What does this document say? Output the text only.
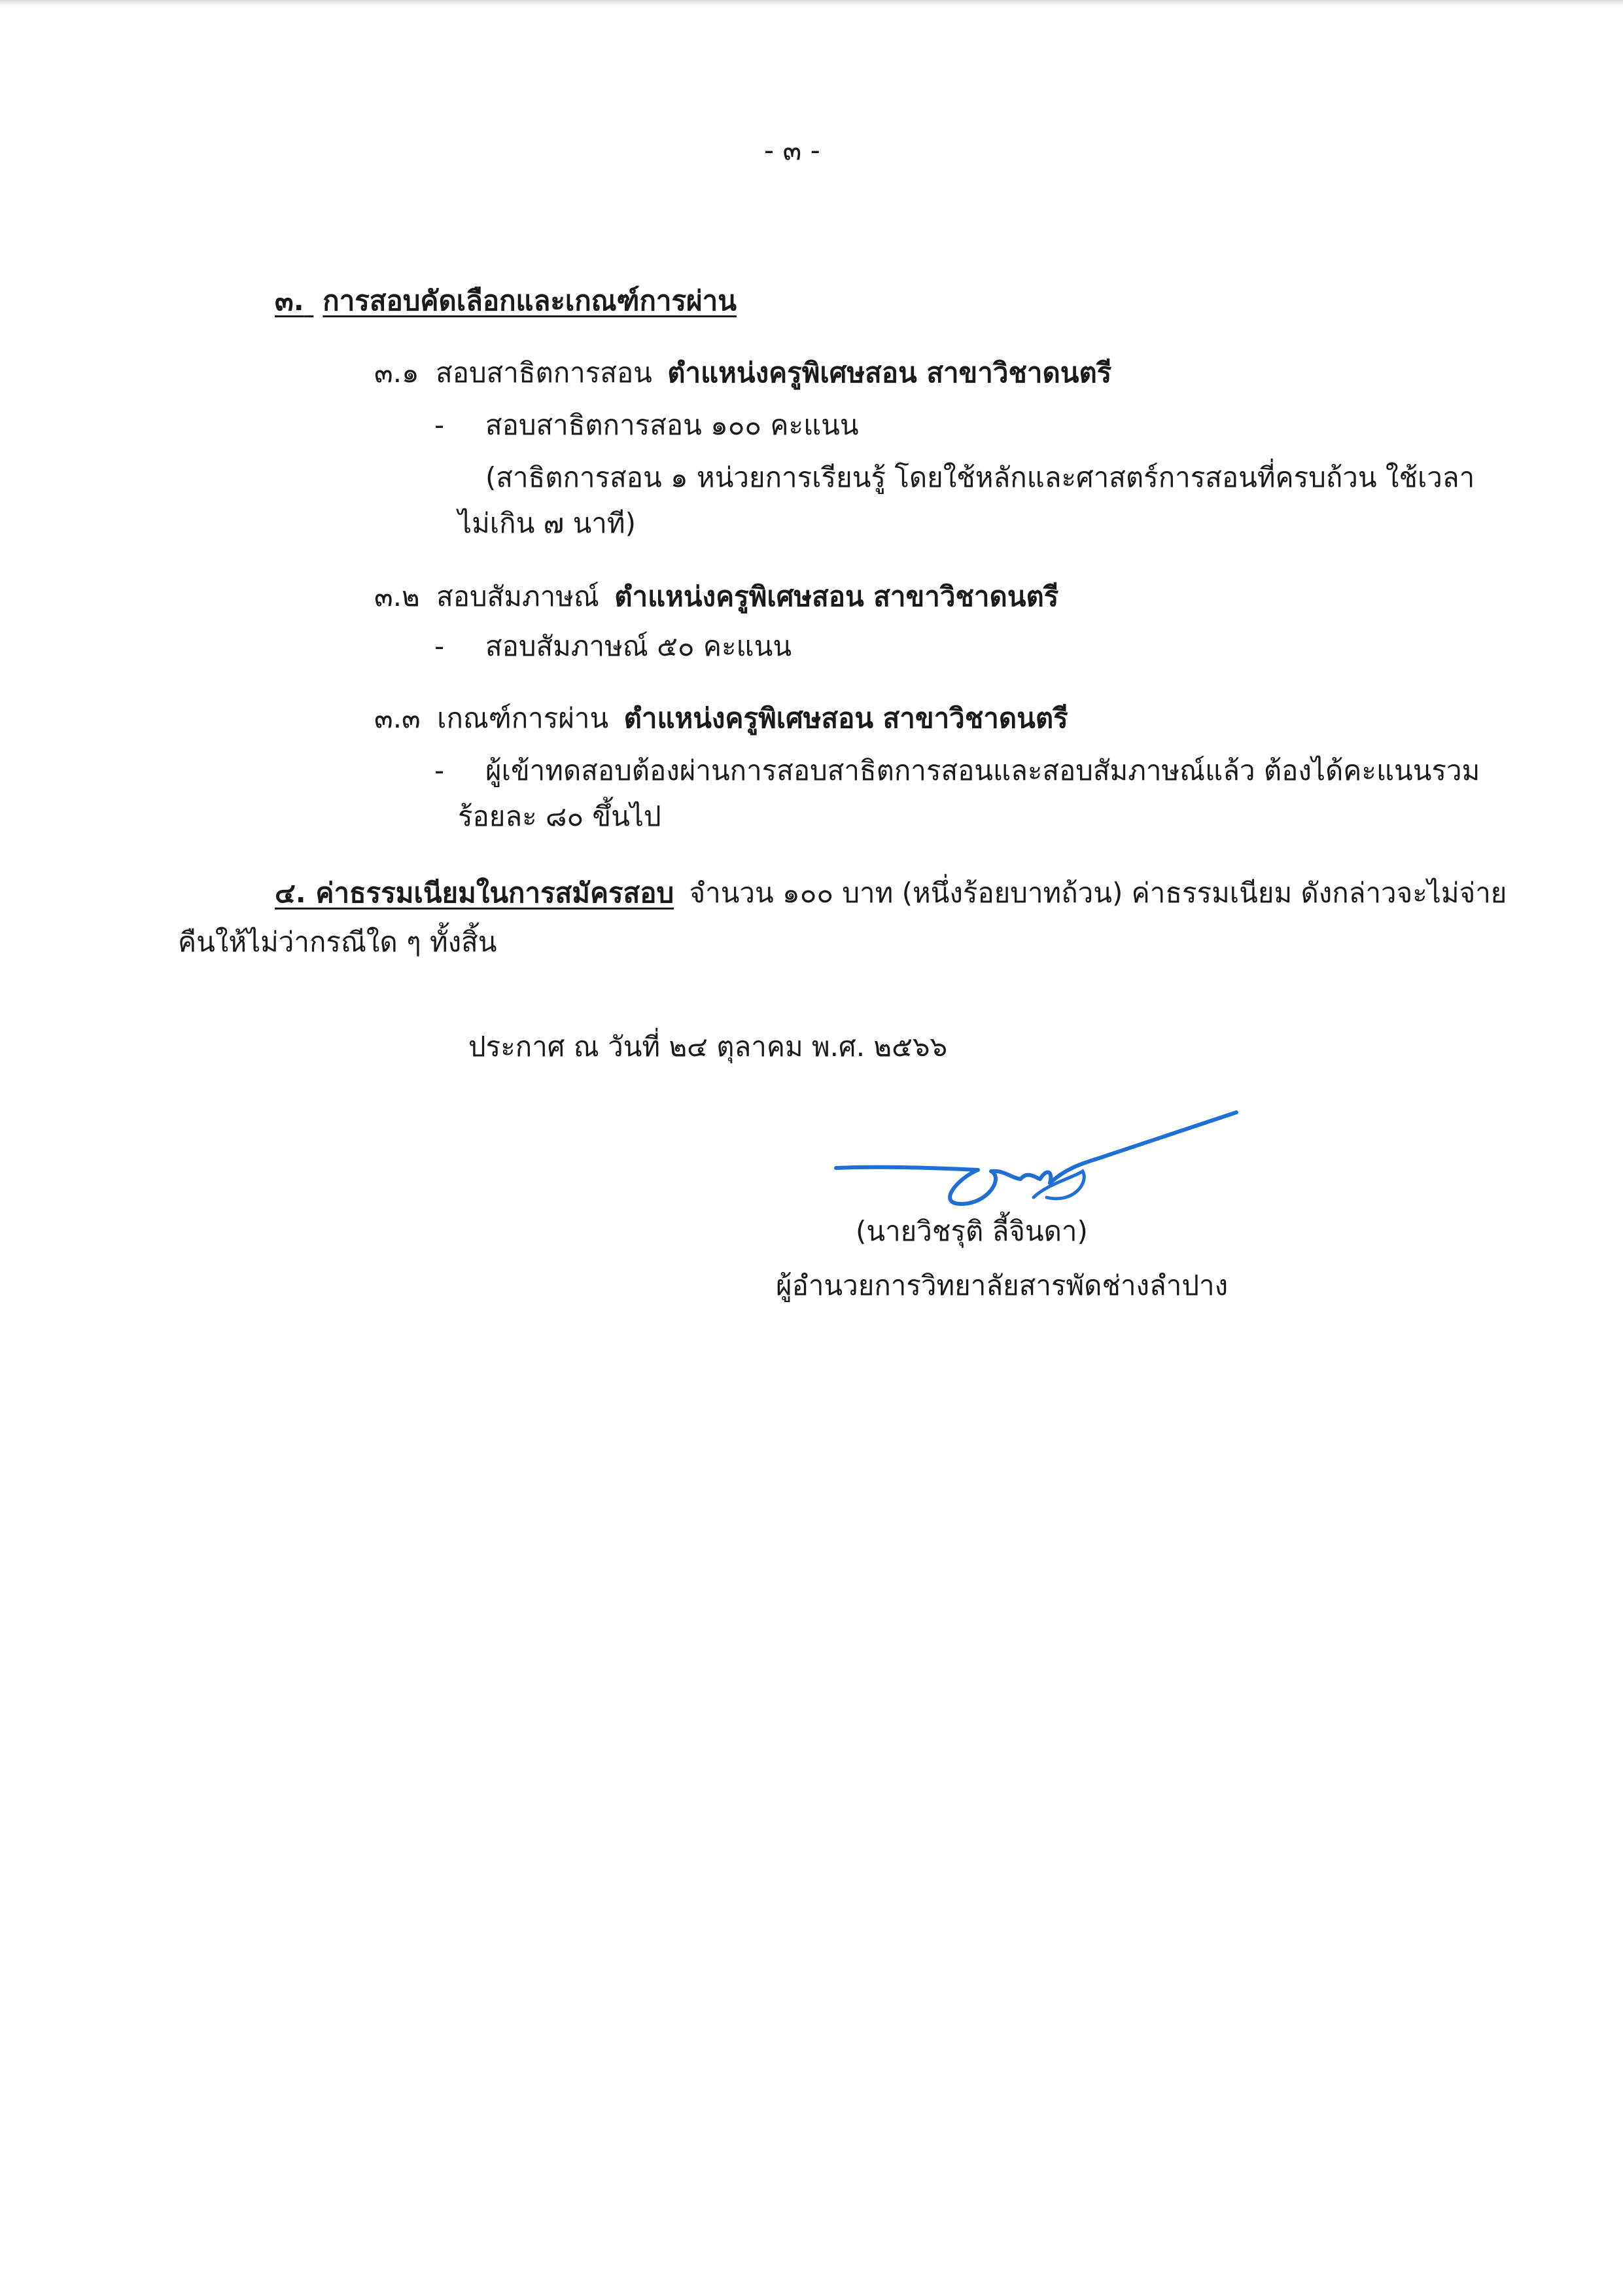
- ๓ -
๓. การสอบคัดเลือกและเกณฑ์การผ่าน
๓.๑ สอบสาธิตการสอน ตำแหน่งครูพิเศษสอน สาขาวิชาดนตรี
- สอบสาธิตการสอน ๑๐๐ คะแนน
(สาธิตการสอน ๑ หน่วยการเรียนรู้ โดยใช้หลักและศาสตร์การสอนที่ครบถ้วน ใช้เวลา
ไม่เกิน ๗ นาที)
๓.๒ สอบสัมภาษณ์ ตำแหน่งครูพิเศษสอน สาขาวิชาดนตรี
- สอบสัมภาษณ์ ๕๐ คะแนน
๓.๓ เกณฑ์การผ่าน ตำแหน่งครูพิเศษสอน สาขาวิชาดนตรี
- ผู้เข้าทดสอบต้องผ่านการสอบสาธิตการสอนและสอบสัมภาษณ์แล้ว ต้องได้คะแนนรวม
ร้อยละ ๘๐ ขึ้นไป
๔. ค่าธรรมเนียมในการสมัครสอบ จำนวน ๑๐๐ บาท (หนึ่งร้อยบาทถ้วน) ค่าธรรมเนียม ดังกล่าวจะไม่จ่าย
คืนให้ไม่ว่ากรณีใด ๆ ทั้งสิ้น
ประกาศ ณ วันที่ ๒๔ ตุลาคม พ.ศ. ๒๕๖๖
(นายวิชรุติ ลี้จินดา)
ผู้อำนวยการวิทยาลัยสารพัดช่างลำปาง
